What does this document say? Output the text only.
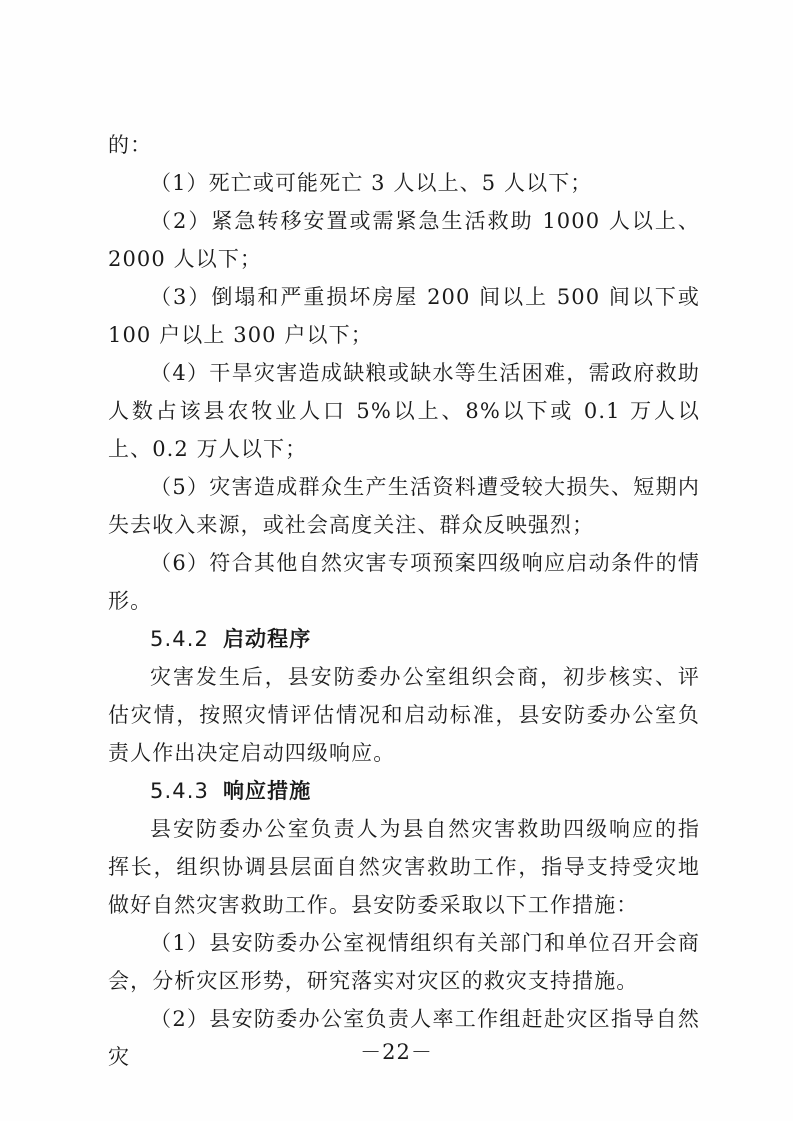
的：

（1）死亡或可能死亡 3 人以上、5 人以下；

（2）紧急转移安置或需紧急生活救助 1000 人以上、2000 人以下；

（3）倒塌和严重损坏房屋 200 间以上 500 间以下或 100 户以上 300 户以下；

（4）干旱灾害造成缺粮或缺水等生活困难，需政府救助人数占该县农牧业人口 5%以上、8%以下或 0.1 万人以上、0.2 万人以下；

（5）灾害造成群众生产生活资料遭受较大损失、短期内失去收入来源，或社会高度关注、群众反映强烈；

（6）符合其他自然灾害专项预案四级响应启动条件的情形。

5.4.2 启动程序

灾害发生后，县安防委办公室组织会商，初步核实、评估灾情，按照灾情评估情况和启动标准，县安防委办公室负责人作出决定启动四级响应。

5.4.3 响应措施

县安防委办公室负责人为县自然灾害救助四级响应的指挥长，组织协调县层面自然灾害救助工作，指导支持受灾地做好自然灾害救助工作。县安防委采取以下工作措施：

（1）县安防委办公室视情组织有关部门和单位召开会商会，分析灾区形势，研究落实对灾区的救灾支持措施。

（2）县安防委办公室负责人率工作组赶赴灾区指导自然灾	－22－
